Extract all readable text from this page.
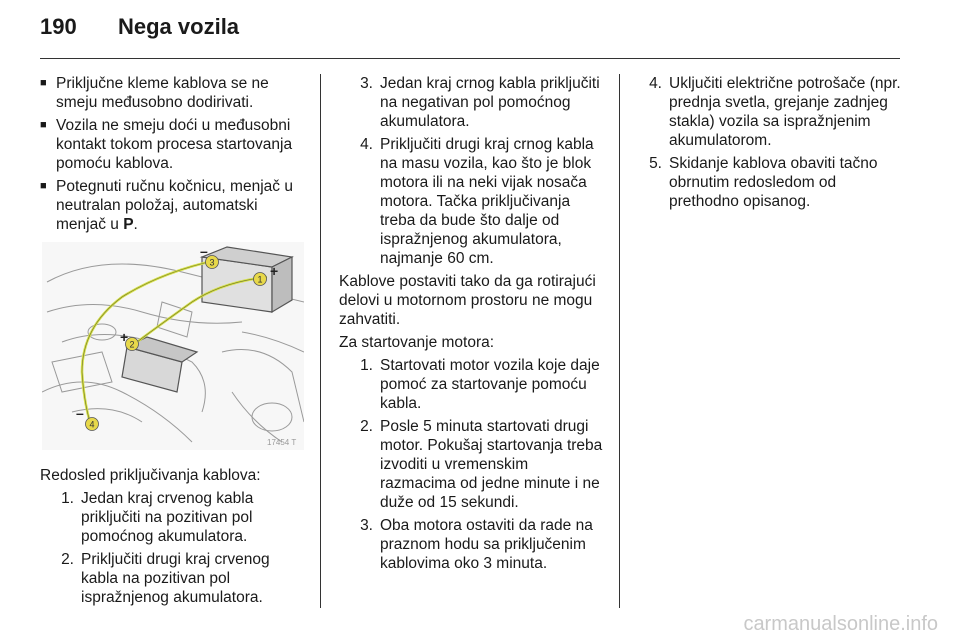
190	Nega vozila
■ Priključne kleme kablova se ne smeju međusobno dodirivati.
■ Vozila ne smeju doći u međusobni kontakt tokom procesa startovanja pomoću kablova.
■ Potegnuti ručnu kočnicu, menjač u neutralan položaj, automatski menjač u P.
1
2
3
4
+
+
–
–
17454 T

Redosled priključivanja kablova:

1. Jedan kraj crvenog kabla priključiti na pozitivan pol pomoćnog akumulatora.
2. Priključiti drugi kraj crvenog kabla na pozitivan pol ispražnjenog akumulatora.
3. Jedan kraj crnog kabla priključiti na negativan pol pomoćnog akumulatora.
4. Priključiti drugi kraj crnog kabla na masu vozila, kao što je blok motora ili na neki vijak nosača motora. Tačka priključivanja treba da bude što dalje od ispražnjenog akumulatora, najmanje 60 cm.

Kablove postaviti tako da ga rotirajući delovi u motornom prostoru ne mogu zahvatiti.

Za startovanje motora:

1. Startovati motor vozila koje daje pomoć za startovanje pomoću kabla.
2. Posle 5 minuta startovati drugi motor. Pokušaj startovanja treba izvoditi u vremenskim razmacima od jedne minute i ne duže od 15 sekundi.
3. Oba motora ostaviti da rade na praznom hodu sa priključenim kablovima oko 3 minuta.
4. Uključiti električne potrošače (npr. prednja svetla, grejanje zadnjeg stakla) vozila sa ispražnjenim akumulatorom.
5. Skidanje kablova obaviti tačno obrnutim redosledom od prethodno opisanog.
carmanualsonline.info
